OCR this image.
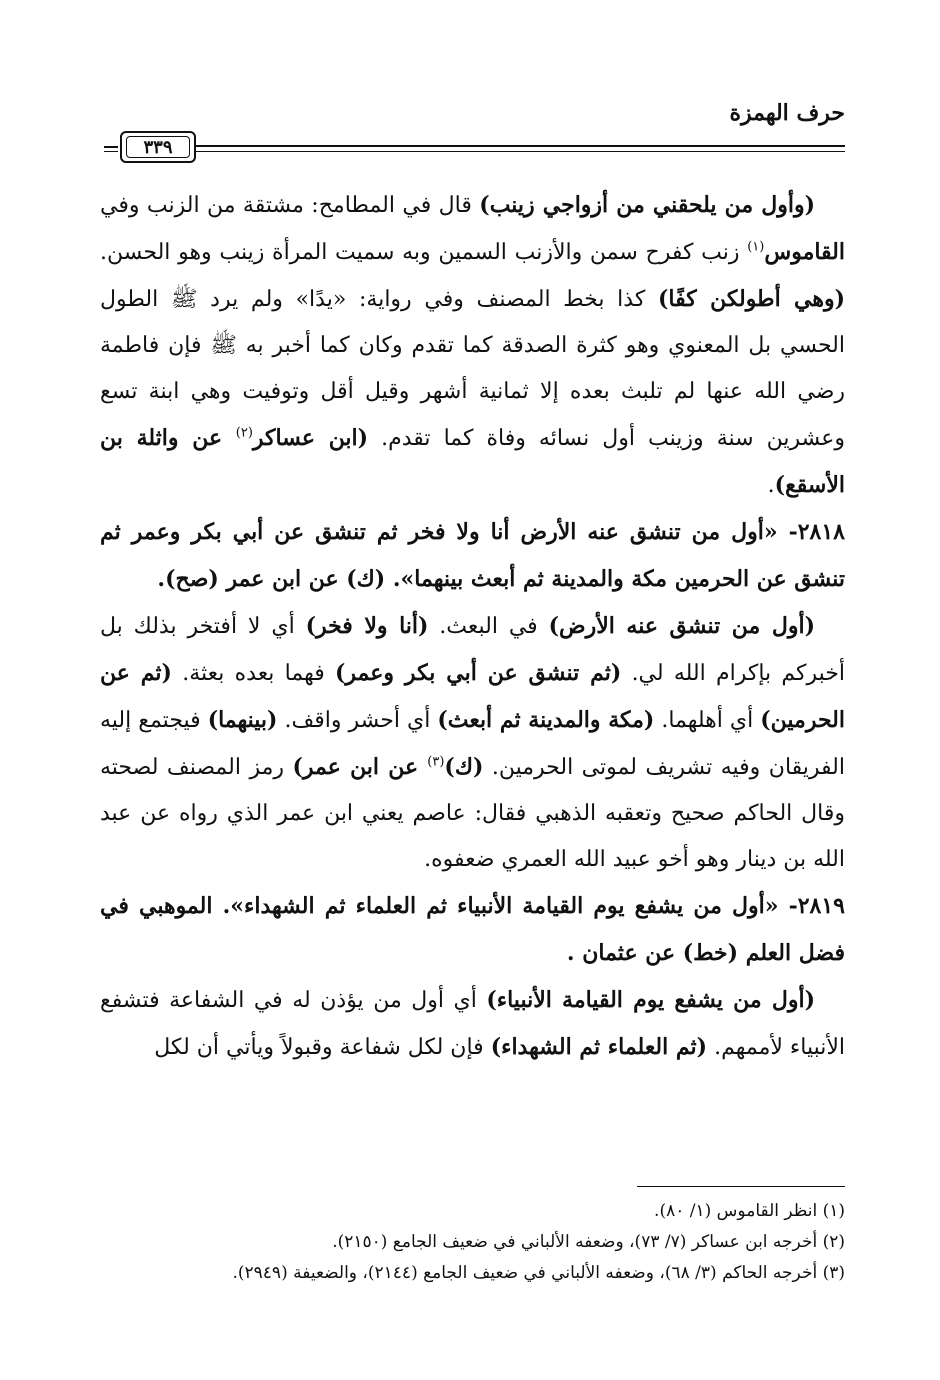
حرف الهمزة
٣٣٩

(وأول من يلحقني من أزواجي زينب) قال في المطامح: مشتقة من الزنب وفي القاموس$^{(١)}$ زنب كفرح سمن والأزنب السمين وبه سميت المرأة زينب وهو الحسن. (وهي أطولكن كفًا) كذا بخط المصنف وفي رواية: «يدًا» ولم يرد ﷺ الطول الحسي بل المعنوي وهو كثرة الصدقة كما تقدم وكان كما أخبر به ﷺ فإن فاطمة رضي الله عنها لم تلبث بعده إلا ثمانية أشهر وقيل أقل وتوفيت وهي ابنة تسع وعشرين سنة وزينب أول نسائه وفاة كما تقدم. (ابن عساكر$^{(٢)}$ عن واثلة بن الأسقع).

٢٨١٨- «أول من تنشق عنه الأرض أنا ولا فخر ثم تنشق عن أبي بكر وعمر ثم تنشق عن الحرمين مكة والمدينة ثم أبعث بينهما». (ك) عن ابن عمر (صح).

(أول من تنشق عنه الأرض) في البعث. (أنا ولا فخر) أي لا أفتخر بذلك بل أخبركم بإكرام الله لي. (ثم تنشق عن أبي بكر وعمر) فهما بعده بعثة. (ثم عن الحرمين) أي أهلهما. (مكة والمدينة ثم أبعث) أي أحشر واقف. (بينهما) فيجتمع إليه الفريقان وفيه تشريف لموتى الحرمين. (ك)$^{(٣)}$ عن ابن عمر) رمز المصنف لصحته وقال الحاكم صحيح وتعقبه الذهبي فقال: عاصم يعني ابن عمر الذي رواه عن عبد الله بن دينار وهو أخو عبيد الله العمري ضعفوه.

٢٨١٩- «أول من يشفع يوم القيامة الأنبياء ثم العلماء ثم الشهداء». الموهبي في فضل العلم (خط) عن عثمان .

(أول من يشفع يوم القيامة الأنبياء) أي أول من يؤذن له في الشفاعة فتشفع الأنبياء لأممهم. (ثم العلماء ثم الشهداء) فإن لكل شفاعة وقبولاً ويأتي أن لكل

(١) انظر القاموس (١/ ٨٠).

(٢) أخرجه ابن عساكر (٧/ ٧٣)، وضعفه الألباني في ضعيف الجامع (٢١٥٠).

(٣) أخرجه الحاكم (٣/ ٦٨)، وضعفه الألباني في ضعيف الجامع (٢١٤٤)، والضعيفة (٢٩٤٩).
